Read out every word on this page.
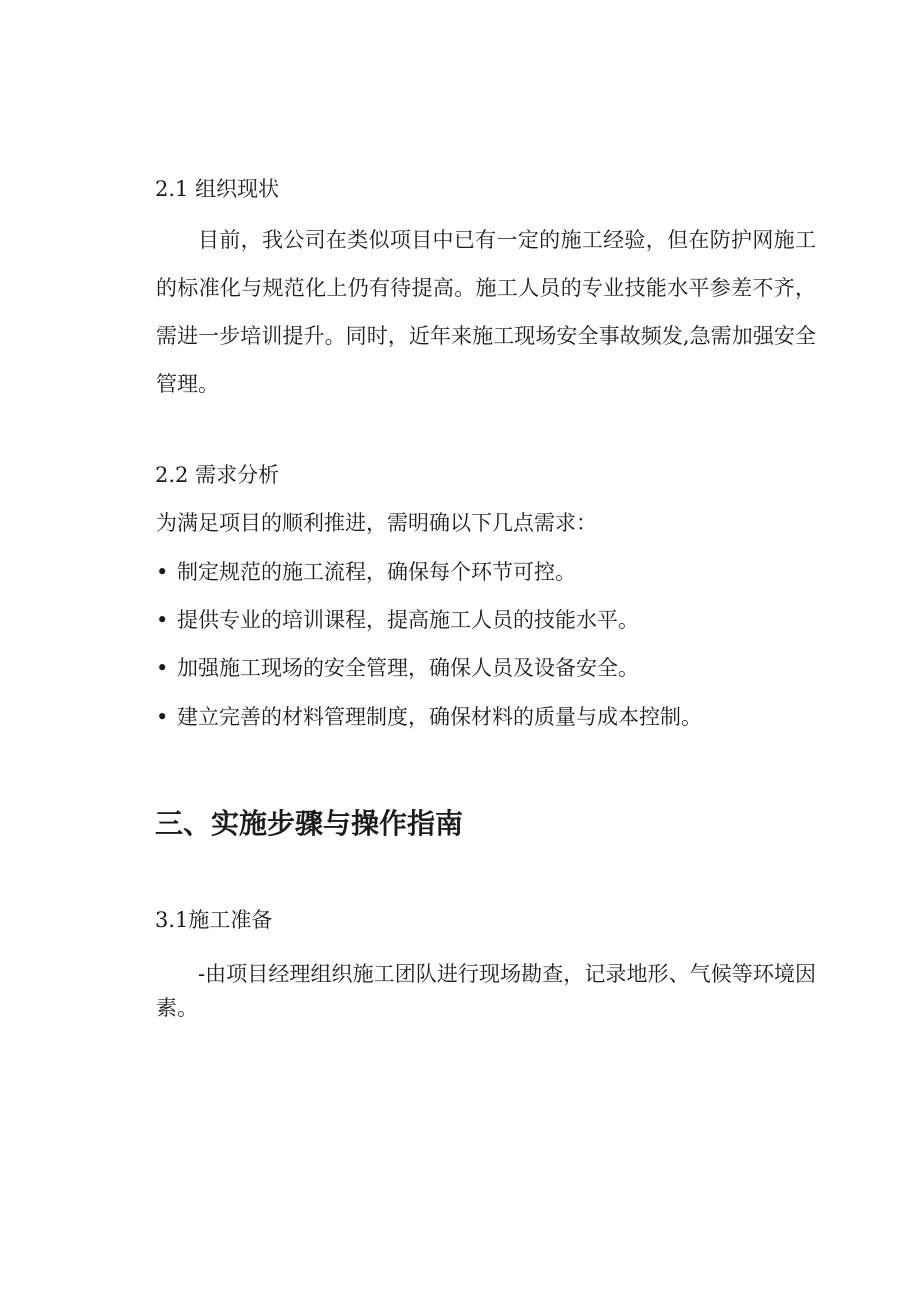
2.1 组织现状

目前，我公司在类似项目中已有一定的施工经验，但在防护网施工的标准化与规范化上仍有待提高。施工人员的专业技能水平参差不齐，需进一步培训提升。同时，近年来施工现场安全事故频发,急需加强安全管理。

2.2 需求分析

为满足项目的顺利推进，需明确以下几点需求：

• 制定规范的施工流程，确保每个环节可控。
• 提供专业的培训课程，提高施工人员的技能水平。
• 加强施工现场的安全管理，确保人员及设备安全。
• 建立完善的材料管理制度，确保材料的质量与成本控制。
三、实施步骤与操作指南
3.1施工准备

-由项目经理组织施工团队进行现场勘查，记录地形、气候等环境因素。
